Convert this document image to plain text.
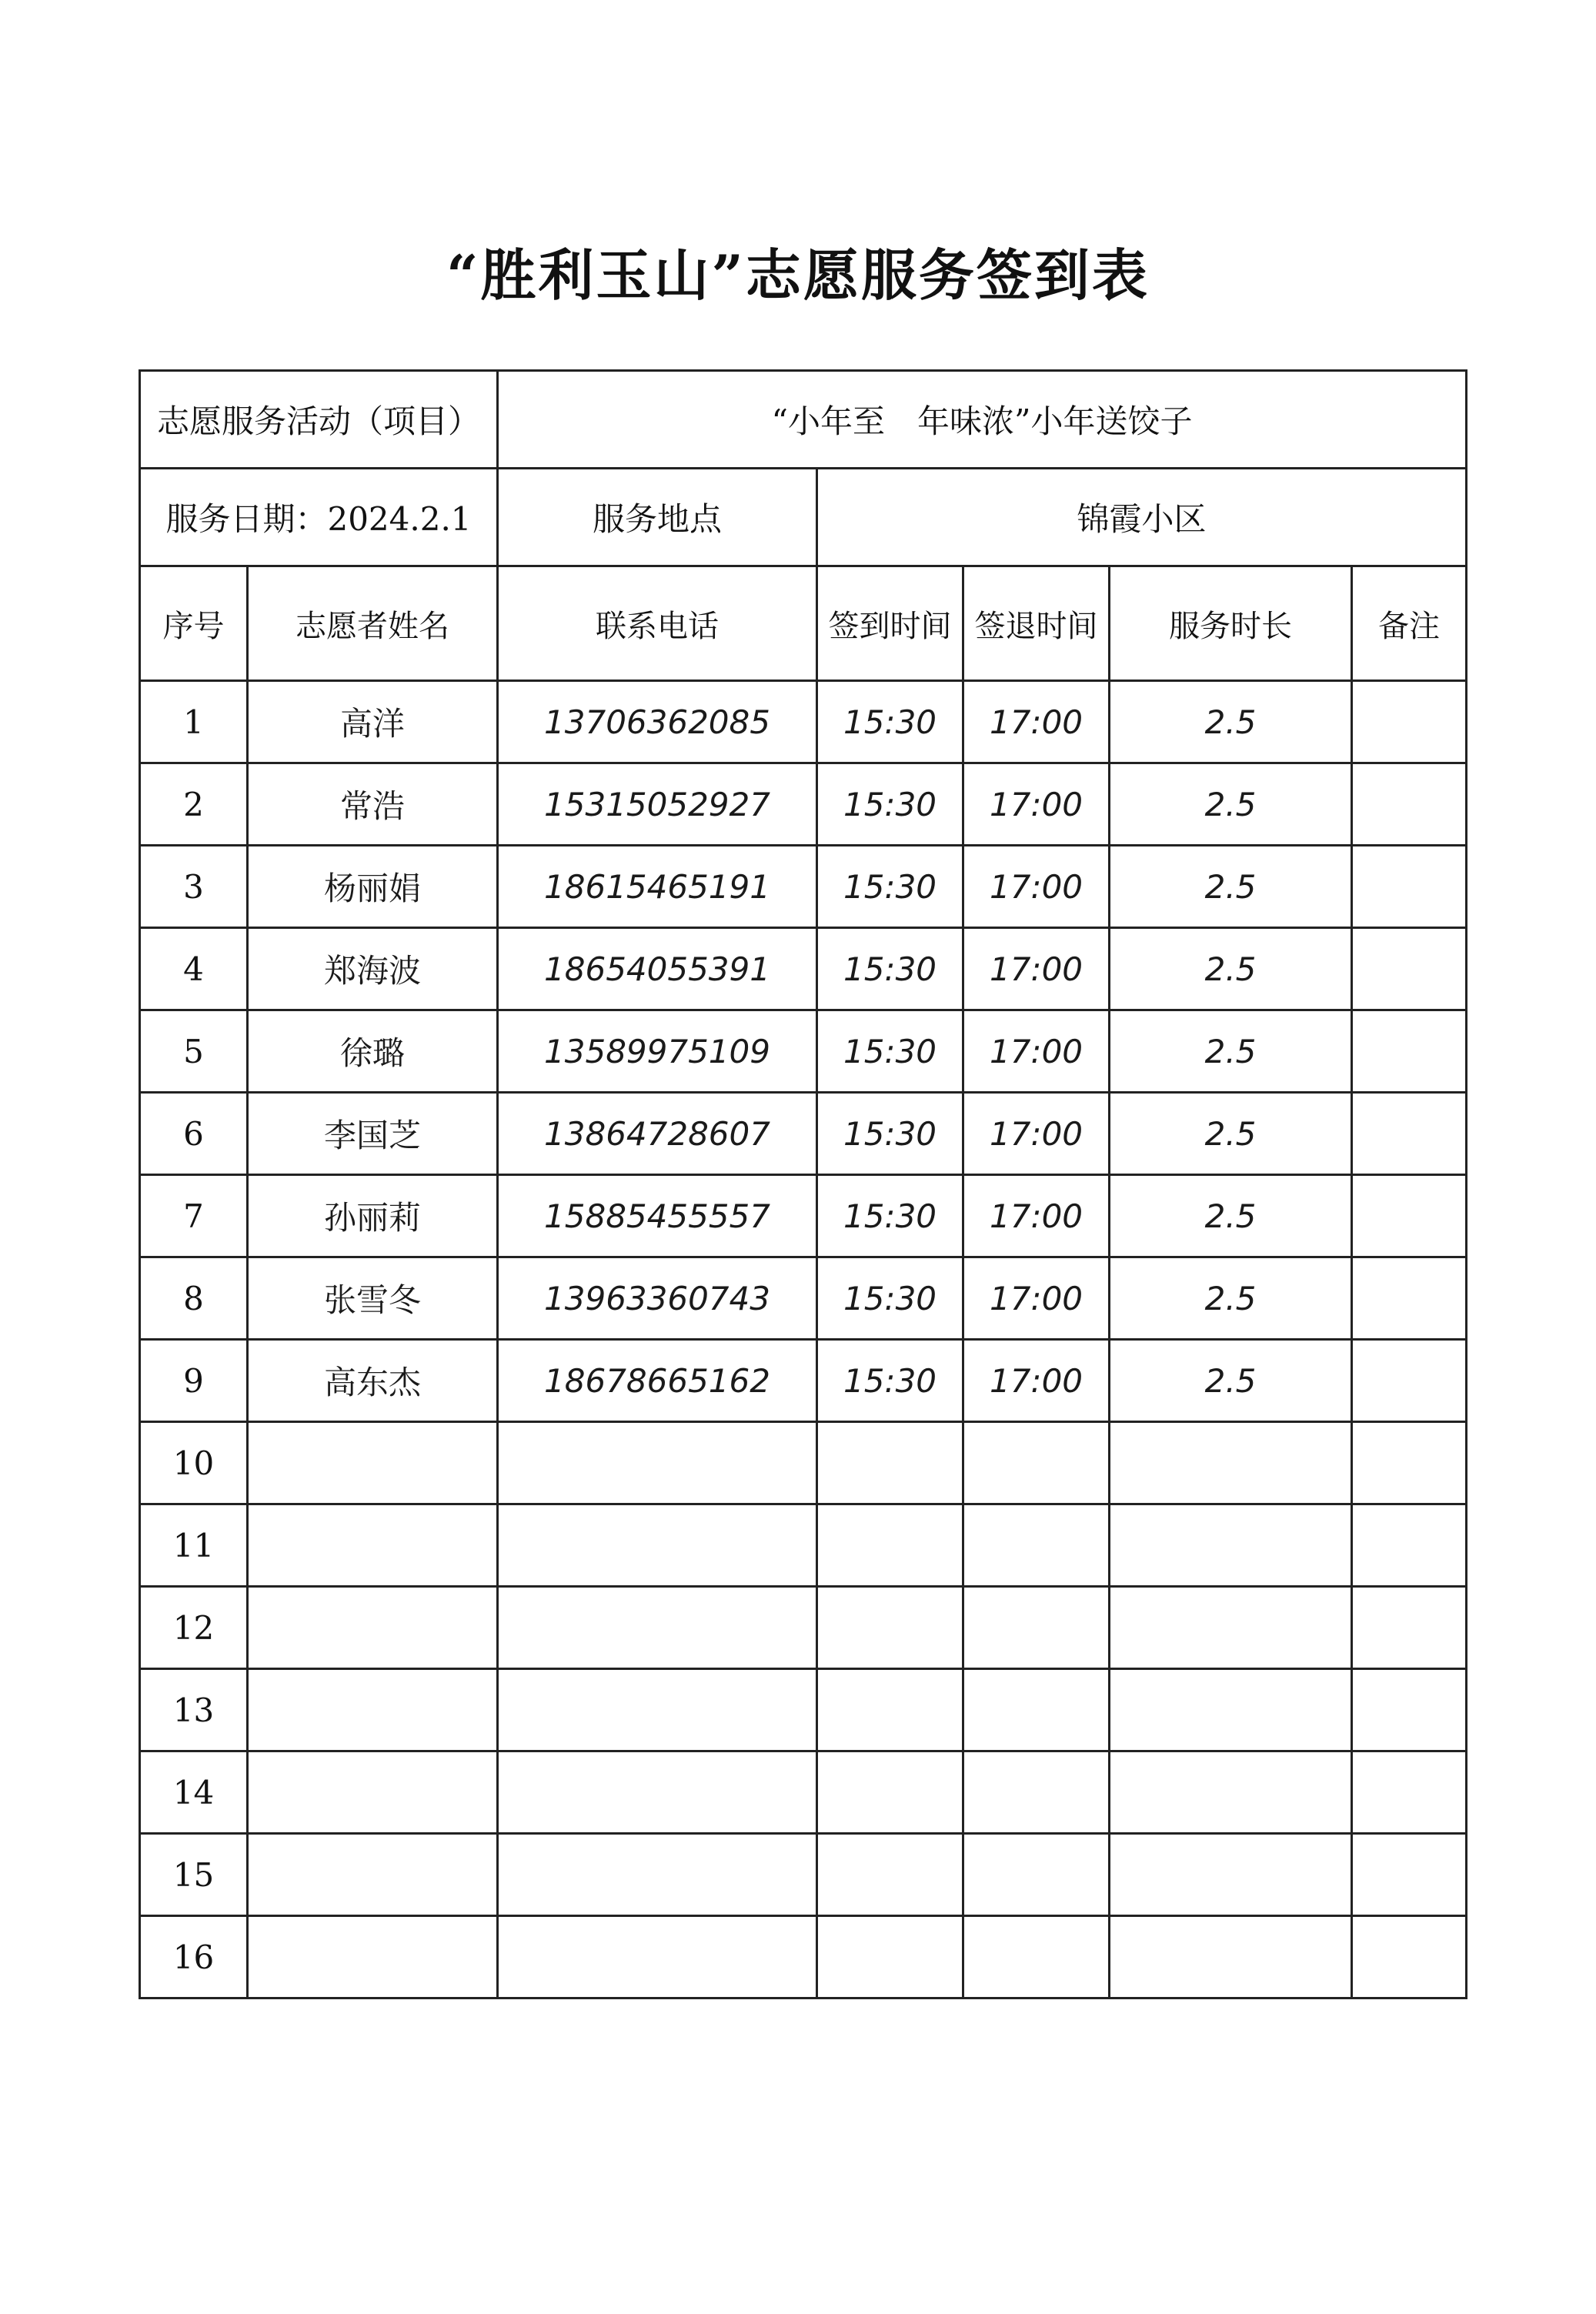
“胜利玉山”志愿服务签到表
志愿服务活动（项目）		“小年至　年味浓”小年送饺子				
服务日期：2024.2.1		服务地点	锦霞小区			
序号	志愿者姓名	联系电话	签到时间	签退时间	服务时长	备注
1	高洋	13706362085	15:30	17:00	2.5	
2	常浩	15315052927	15:30	17:00	2.5	
3	杨丽娟	18615465191	15:30	17:00	2.5	
4	郑海波	18654055391	15:30	17:00	2.5	
5	徐璐	13589975109	15:30	17:00	2.5	
6	李国芝	13864728607	15:30	17:00	2.5	
7	孙丽莉	15885455557	15:30	17:00	2.5	
8	张雪冬	13963360743	15:30	17:00	2.5	
9	高东杰	18678665162	15:30	17:00	2.5	
10						
11						
12						
13						
14						
15						
16						
